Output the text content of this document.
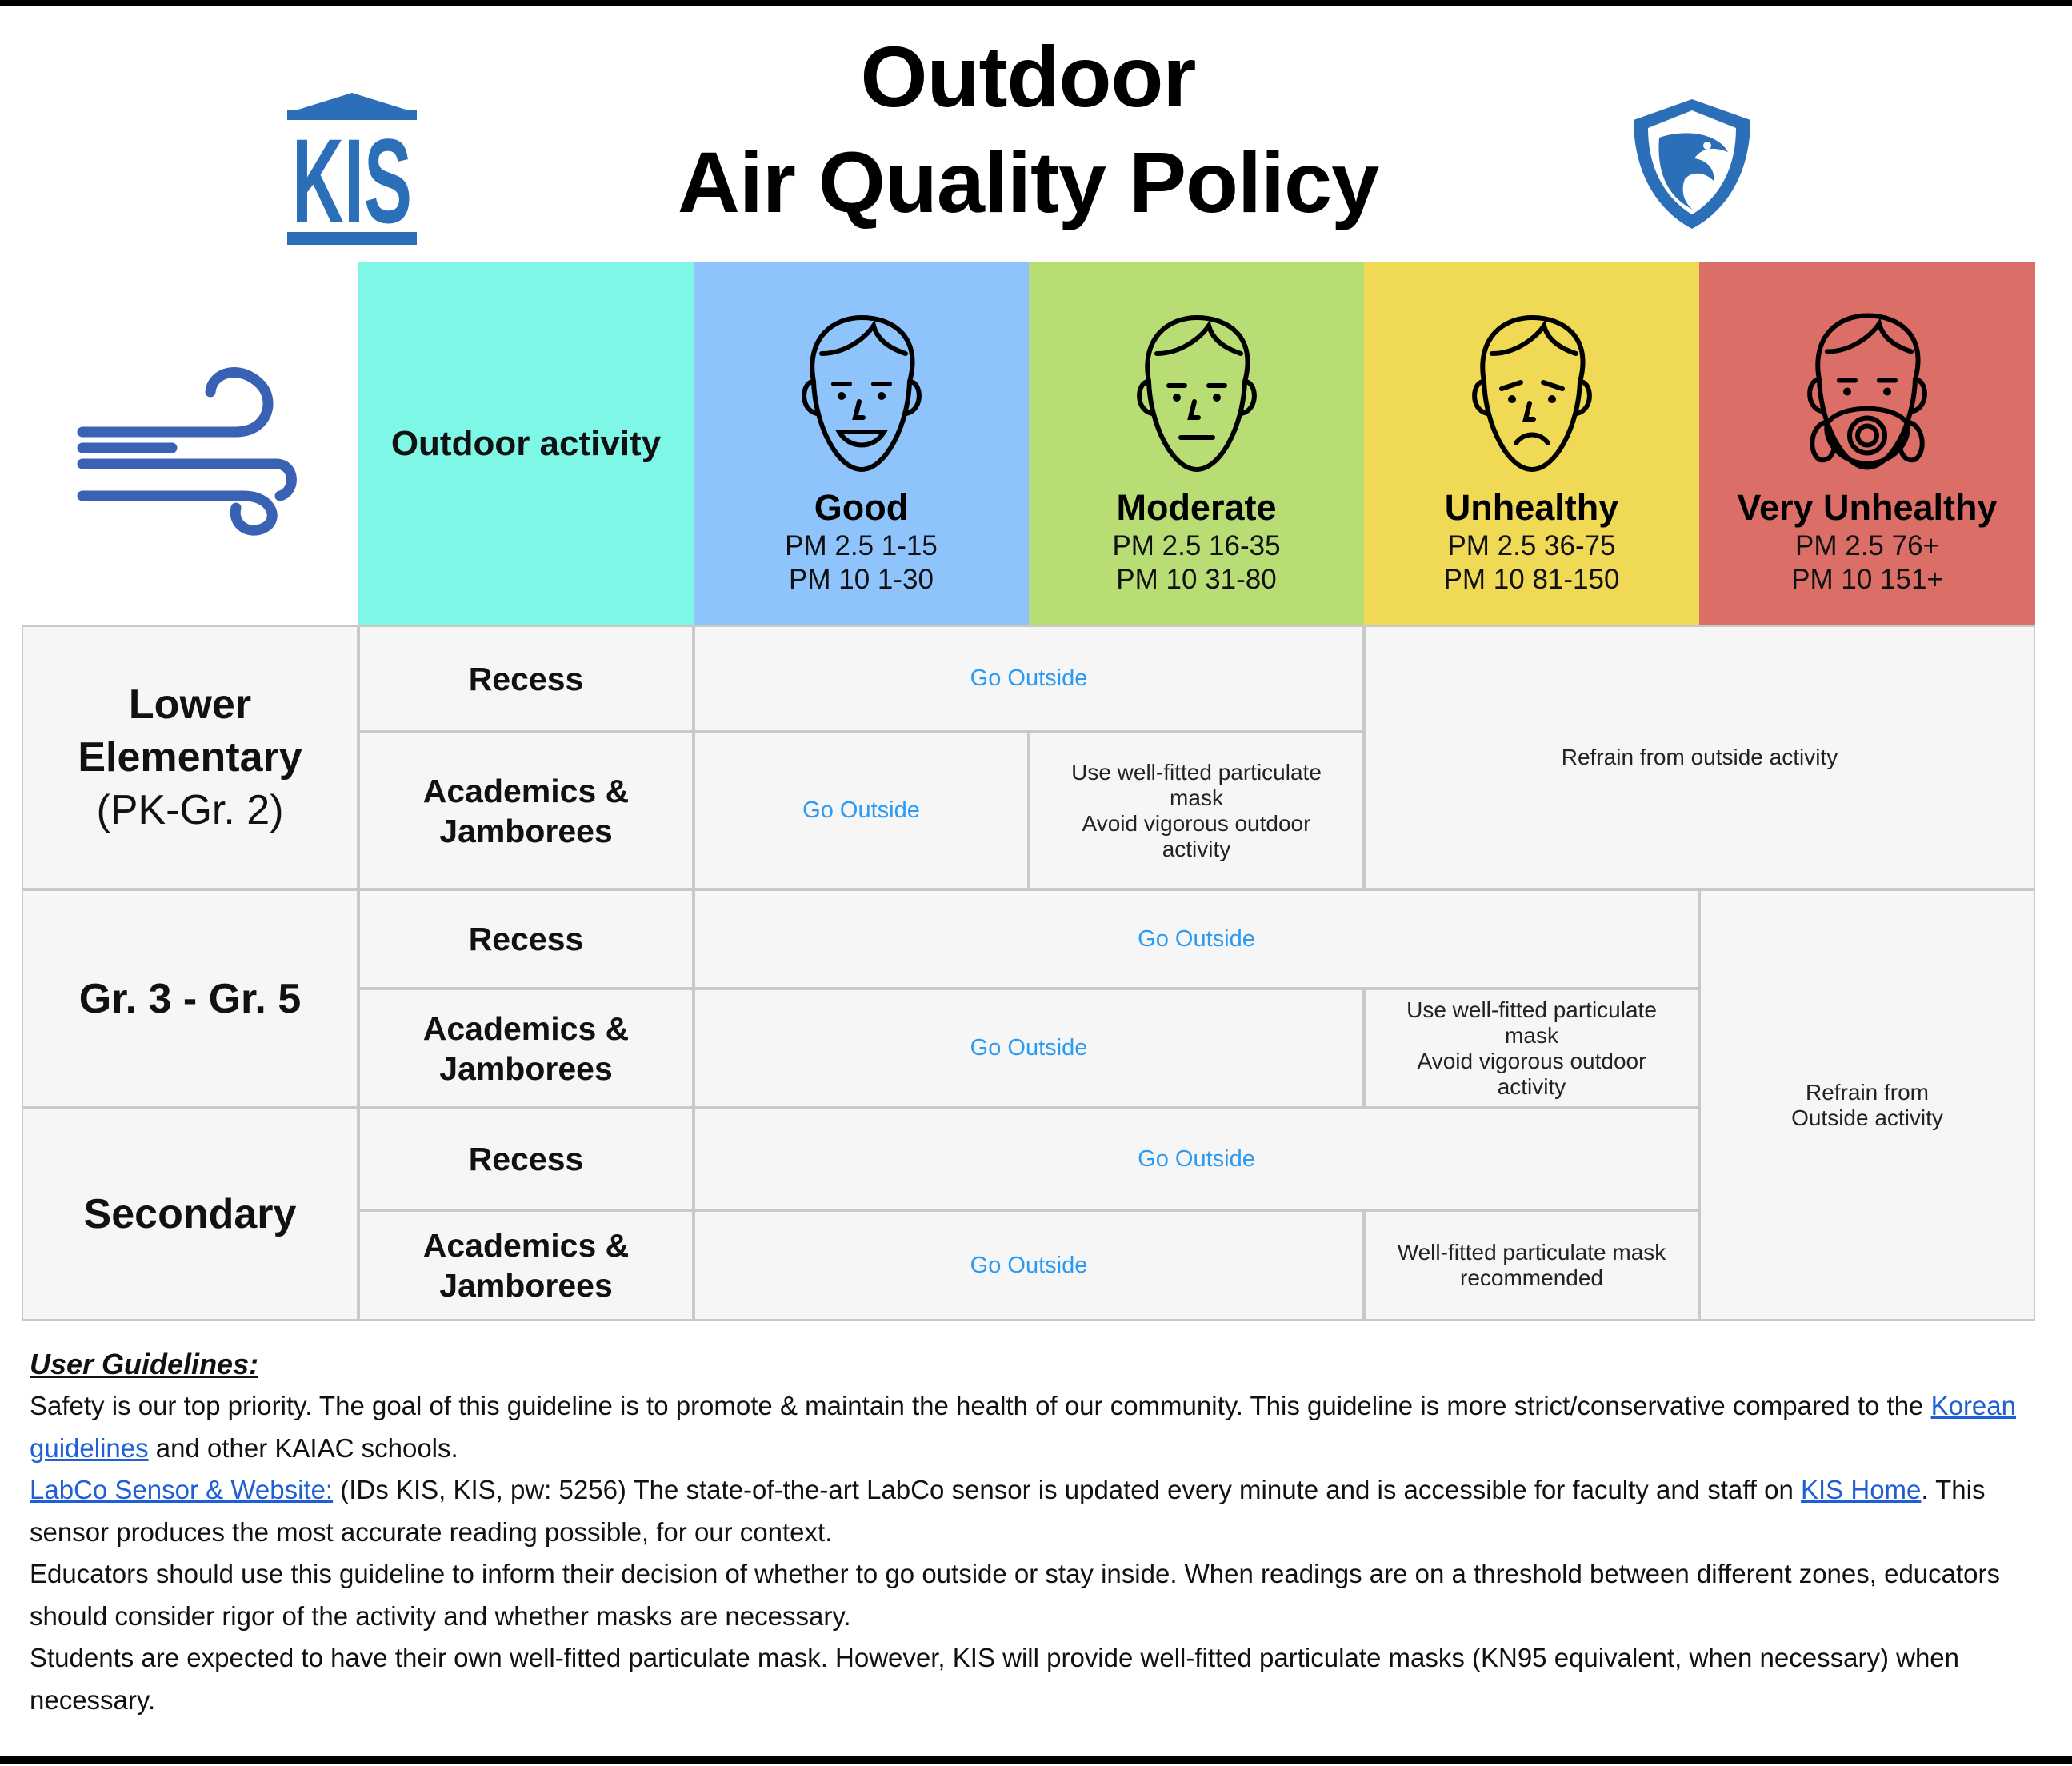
KIS
Outdoor
Air Quality Policy
Outdoor activity
Good
PM 2.5 1-15
PM 10 1-30
Moderate
PM 2.5 16-35
PM 10 31-80
Unhealthy
PM 2.5 36-75
PM 10 81-150
Very Unhealthy
PM 2.5 76+
PM 10 151+
Lower
Elementary
(PK-Gr. 2)
Gr. 3 - Gr. 5
Secondary
Recess
Academics &
Jamborees
Recess
Academics &
Jamborees
Recess
Academics &
Jamborees
Go Outside
Go Outside
Use well-fitted particulate
mask
Avoid vigorous outdoor
activity
Refrain from outside activity
Go Outside
Go Outside
Use well-fitted particulate
mask
Avoid vigorous outdoor
activity
Go Outside
Go Outside	Well-fitted particulate mask
recommended
Refrain from
Outside activity

User Guidelines:

Safety is our top priority. The goal of this guideline is to promote & maintain the health of our community. This guideline is more strict/conservative compared to the Korean guidelines and other KAIAC schools.

LabCo Sensor & Website: (IDs KIS, KIS, pw: 5256) The state-of-the-art LabCo sensor is updated every minute and is accessible for faculty and staff on KIS Home. This sensor produces the most accurate reading possible, for our context.

Educators should use this guideline to inform their decision of whether to go outside or stay inside. When readings are on a threshold between different zones, educators should consider rigor of the activity and whether masks are necessary.

Students are expected to have their own well-fitted particulate mask. However, KIS will provide well-fitted particulate masks (KN95 equivalent, when necessary) when necessary.
